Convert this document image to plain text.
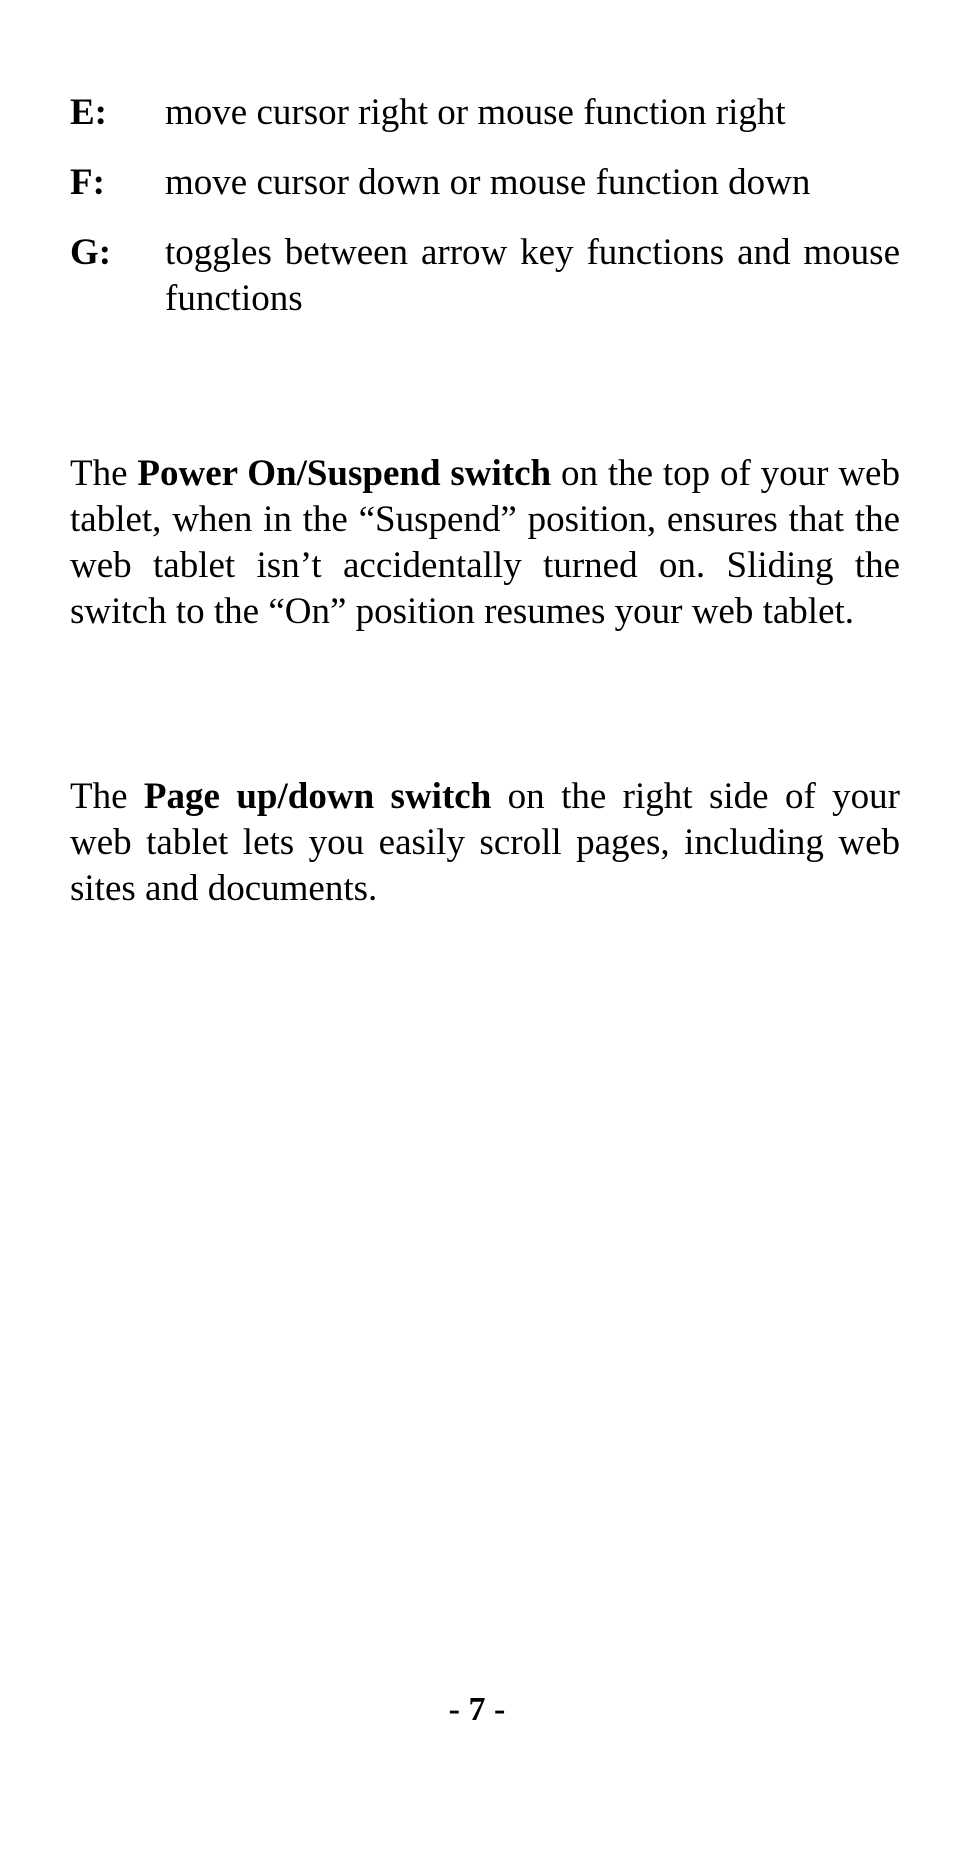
E: move cursor right or mouse function right
F: move cursor down or mouse function down
G: toggles between arrow key functions and mouse functions

The Power On/Suspend switch on the top of your web tablet, when in the “Suspend” position, ensures that the web tablet isn’t accidentally turned on. Sliding the switch to the “On” position resumes your web tablet.

The Page up/down switch on the right side of your web tablet lets you easily scroll pages, including web sites and documents.

- 7 -
